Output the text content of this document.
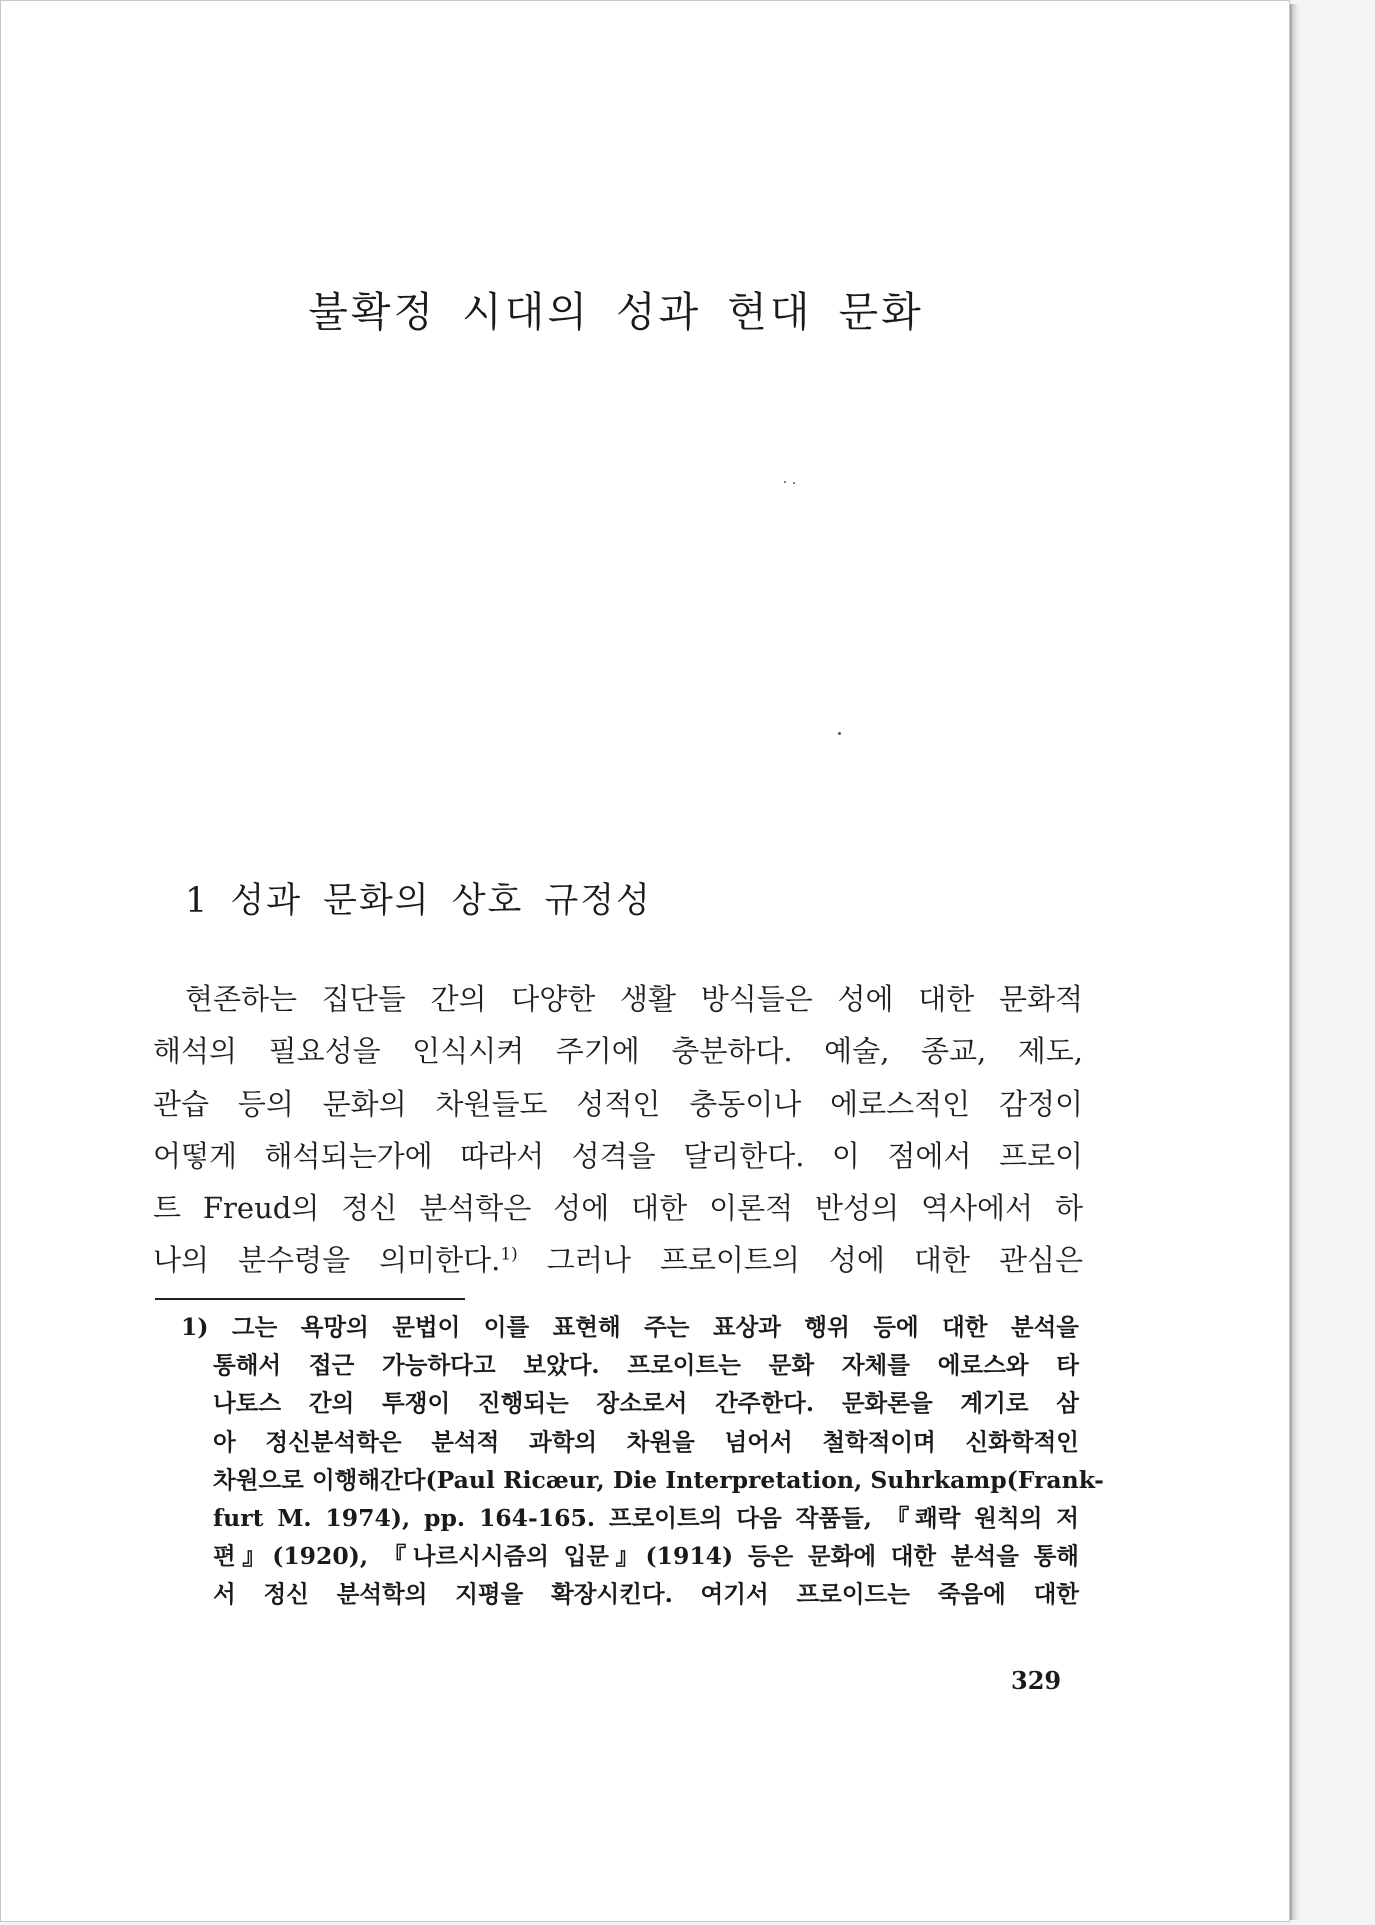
불확정 시대의 성과 현대 문화
1 성과 문화의 상호 규정성
현존하는 집단들 간의 다양한 생활 방식들은 성에 대한 문화적
해석의 필요성을 인식시켜 주기에 충분하다. 예술, 종교, 제도,
관습 등의 문화의 차원들도 성적인 충동이나 에로스적인 감정이
어떻게 해석되는가에 따라서 성격을 달리한다. 이 점에서 프로이
트 Freud의 정신 분석학은 성에 대한 이론적 반성의 역사에서 하
나의 분수령을 의미한다.$^{1)}$ 그러나 프로이트의 성에 대한 관심은
1) 그는 욕망의 문법이 이를 표현해 주는 표상과 행위 등에 대한 분석을
통해서 접근 가능하다고 보았다. 프로이트는 문화 자체를 에로스와 타
나토스 간의 투쟁이 진행되는 장소로서 간주한다. 문화론을 계기로 삼
아 정신분석학은 분석적 과학의 차원을 넘어서 철학적이며 신화학적인
차원으로 이행해간다(Paul Ricæur, Die Interpretation, Suhrkamp(Frank-
furt M. 1974), pp. 164-165. 프로이트의 다음 작품들, 『쾌락 원칙의 저
편』(1920), 『나르시시즘의 입문』(1914) 등은 문화에 대한 분석을 통해
서 정신 분석학의 지평을 확장시킨다. 여기서 프로이드는 죽음에 대한
329
